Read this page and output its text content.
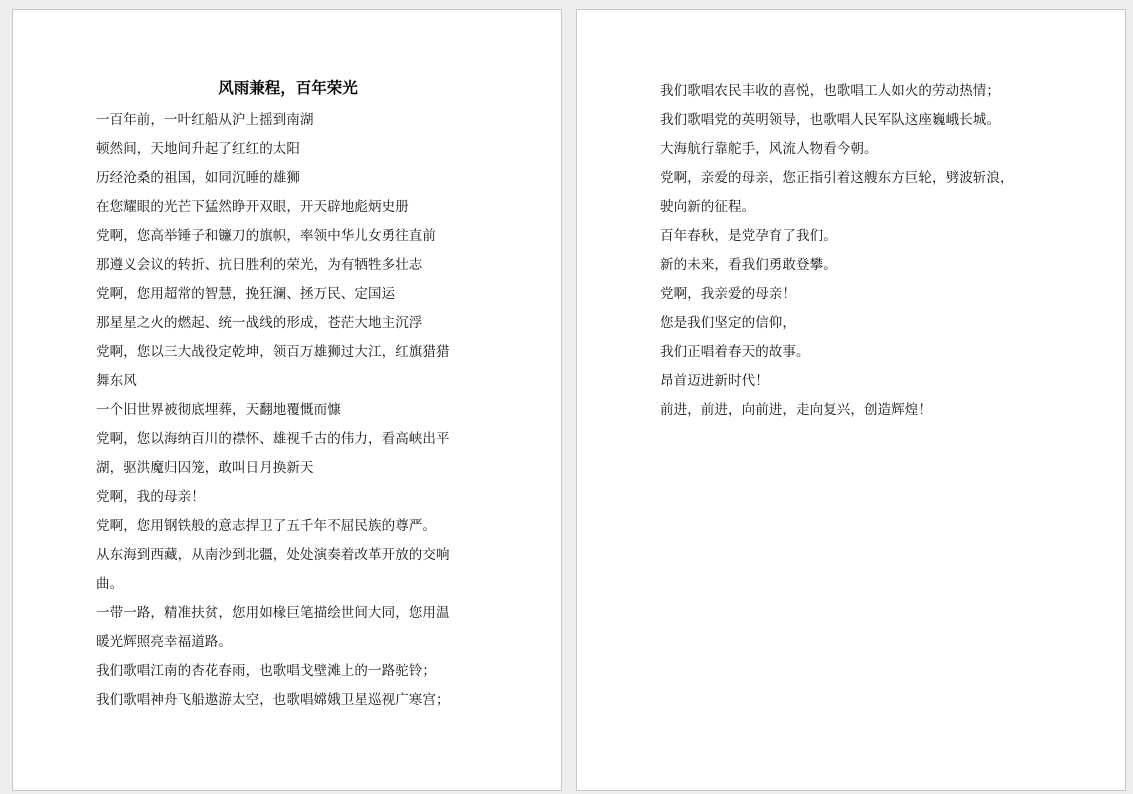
风雨兼程，百年荣光
一百年前，一叶红船从沪上摇到南湖
顿然间，天地间升起了红红的太阳
历经沧桑的祖国，如同沉睡的雄狮
在您耀眼的光芒下猛然睁开双眼，开天辟地彪炳史册
党啊，您高举锤子和镰刀的旗帜，率领中华儿女勇往直前
那遵义会议的转折、抗日胜利的荣光，为有牺牲多壮志
党啊，您用超常的智慧，挽狂澜、拯万民、定国运
那星星之火的燃起、统一战线的形成，苍茫大地主沉浮
党啊，您以三大战役定乾坤，领百万雄狮过大江，红旗猎猎
舞东风
一个旧世界被彻底埋葬，天翻地覆慨而慷
党啊，您以海纳百川的襟怀、雄视千古的伟力，看高峡出平
湖，驱洪魔归囚笼，敢叫日月换新天
党啊，我的母亲！
党啊，您用钢铁般的意志捍卫了五千年不屈民族的尊严。
从东海到西藏，从南沙到北疆，处处演奏着改革开放的交响
曲。
一带一路，精准扶贫，您用如椽巨笔描绘世间大同，您用温
暖光辉照亮幸福道路。
我们歌唱江南的杏花春雨，也歌唱戈壁滩上的一路驼铃；
我们歌唱神舟飞船遨游太空，也歌唱嫦娥卫星巡视广寒宫；
我们歌唱农民丰收的喜悦，也歌唱工人如火的劳动热情；
我们歌唱党的英明领导，也歌唱人民军队这座巍峨长城。
大海航行靠舵手，风流人物看今朝。
党啊，亲爱的母亲，您正指引着这艘东方巨轮，劈波斩浪，
驶向新的征程。
百年春秋，是党孕育了我们。
新的未来，看我们勇敢登攀。
党啊，我亲爱的母亲！
您是我们坚定的信仰，
我们正唱着春天的故事。
昂首迈进新时代！
前进，前进，向前进，走向复兴，创造辉煌！
